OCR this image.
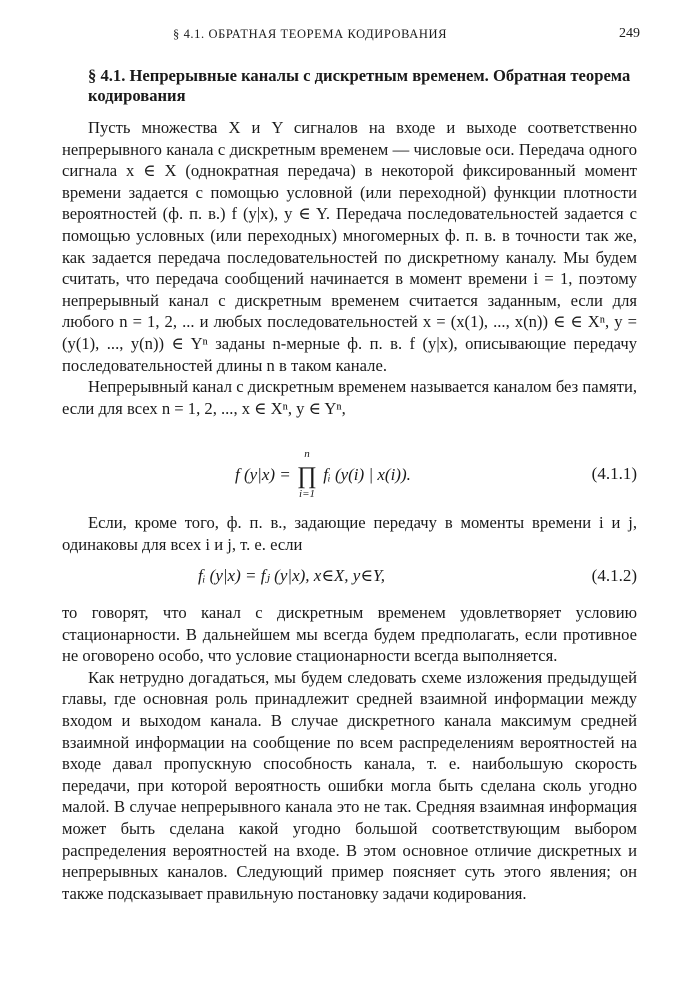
§ 4.1. ОБРАТНАЯ ТЕОРЕМА КОДИРОВАНИЯ	249
§ 4.1. Непрерывные каналы с дискретным временем. Обратная теорема кодирования

Пусть множества X и Y сигналов на входе и выходе соответственно непрерывного канала с дискретным временем — числовые оси. Передача одного сигнала x ∈ X (однократная передача) в некоторой фиксированный момент времени задается с помощью условной (или переходной) функции плотности вероятностей (ф. п. в.) f (y|x), y ∈ Y. Передача последовательностей задается с помощью условных (или переходных) многомерных ф. п. в. в точности так же, как задается передача последовательностей по дискретному каналу. Мы будем считать, что передача сообщений начинается в момент времени i = 1, поэтому непрерывный канал с дискретным временем считается заданным, если для любого n = 1, 2, ... и любых последовательностей x = (x(1), ..., x(n)) ∈ ∈ Xⁿ, y = (y(1), ..., y(n)) ∈ Yⁿ заданы n-мерные ф. п. в. f (y|x), описывающие передачу последовательностей длины n в таком канале.

Непрерывный канал с дискретным временем называется каналом без памяти, если для всех n = 1, 2, ..., x ∈ Xⁿ, y ∈ Yⁿ,

f (y|x) =
n
∏
i=1
fᵢ (y(i) | x(i)).	(4.1.1)

Если, кроме того, ф. п. в., задающие передачу в моменты времени i и j, одинаковы для всех i и j, т. е. если

fᵢ (y|x) = fⱼ (y|x), x∈X, y∈Y,	(4.1.2)

то говорят, что канал с дискретным временем удовлетворяет условию стационарности. В дальнейшем мы всегда будем предполагать, если противное не оговорено особо, что условие стационарности всегда выполняется.

Как нетрудно догадаться, мы будем следовать схеме изложения предыдущей главы, где основная роль принадлежит средней взаимной информации между входом и выходом канала. В случае дискретного канала максимум средней взаимной информации на сообщение по всем распределениям вероятностей на входе давал пропускную способность канала, т. е. наибольшую скорость передачи, при которой вероятность ошибки могла быть сделана сколь угодно малой. В случае непрерывного канала это не так. Средняя взаимная информация может быть сделана какой угодно большой соответствующим выбором распределения вероятностей на входе. В этом основное отличие дискретных и непрерывных каналов. Следующий пример поясняет суть этого явления; он также подсказывает правильную постановку задачи кодирования.
